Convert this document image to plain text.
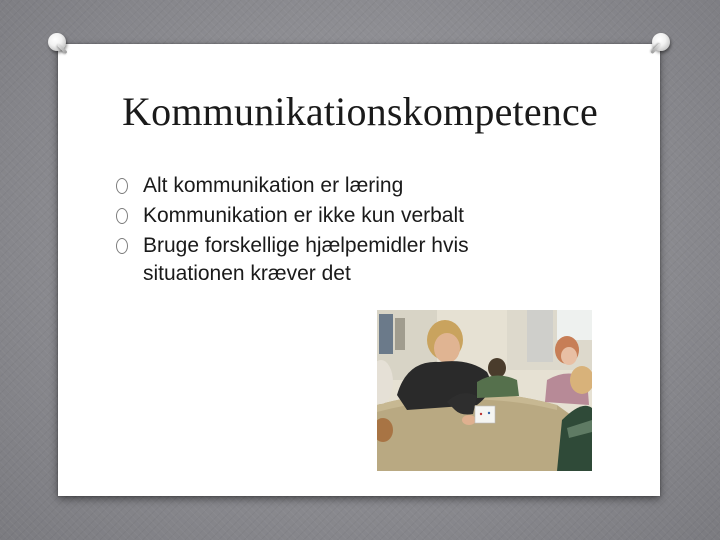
Kommunikationskompetence
Alt kommunikation er læring
Kommunikation er ikke kun verbalt
Bruge forskellige hjælpemidler hvis situationen kræver det
